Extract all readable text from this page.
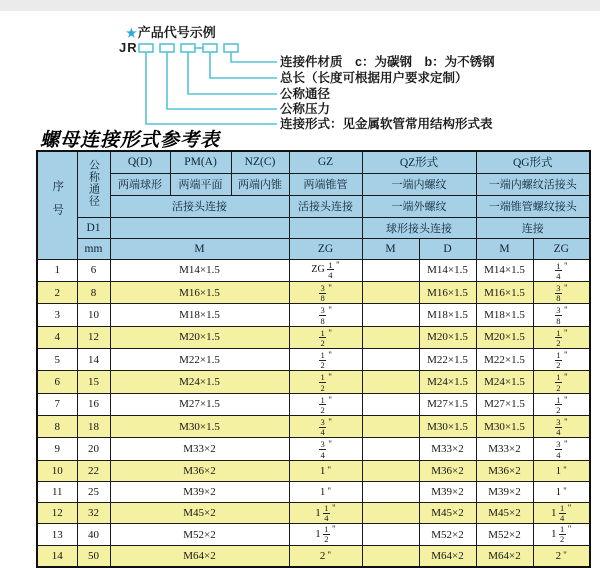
★产品代号示例
JR
连接件材质　c：为碳钢　b：为不锈钢
总长（长度可根据用户要求定制）
公称通径
公称压力
连接形式：见金属软管常用结构形式表
螺母连接形式参考表
序号	公称通径	Q(D)	PM(A)	NZ(C)	GZ	QZ形式		QG形式	
		两端球形	两端平面	两端内锥	两端锥管	一端内螺纹		一端内螺纹活接头	
		活接头连接			活接头连接	一端外螺纹		一端锥管螺纹接头	
	D1					球形接头连接		连接	
	mm	M			ZG	M	D	M	ZG
1	6	M14×1.5			ZG $\frac{1}{4}$ "		M14×1.5	M14×1.5	$\frac{1}{4}$ "

2	8	M16×1.5			$\frac{3}{8}$ "		M16×1.5	M16×1.5	$\frac{3}{8}$ "

3	10	M18×1.5			$\frac{3}{8}$ "		M18×1.5	M18×1.5	$\frac{3}{8}$ "

4	12	M20×1.5			$\frac{1}{2}$ "		M20×1.5	M20×1.5	$\frac{1}{2}$ "

5	14	M22×1.5			$\frac{1}{2}$ "		M22×1.5	M22×1.5	$\frac{1}{2}$ "

6	15	M24×1.5			$\frac{1}{2}$ "		M24×1.5	M24×1.5	$\frac{1}{2}$ "

7	16	M27×1.5			$\frac{1}{2}$ "		M27×1.5	M27×1.5	$\frac{1}{2}$ "

8	18	M30×1.5			$\frac{3}{4}$ "		M30×1.5	M30×1.5	$\frac{3}{4}$ "

9	20	M33×2			$\frac{3}{4}$ "		M33×2	M33×2	$\frac{3}{4}$ "

10	22	M36×2			1 "		M36×2	M36×2	1 "

11	25	M39×2			1 "		M39×2	M39×2	1 "

12	32	M45×2			$1 \frac{1}{4}$ "		M45×2	M45×2	$1 \frac{1}{4}$ "

13	40	M52×2			$1 \frac{1}{2}$ "		M52×2	M52×2	$1 \frac{1}{2}$ "

14	50	M64×2			2 "		M64×2	M64×2	2 "
